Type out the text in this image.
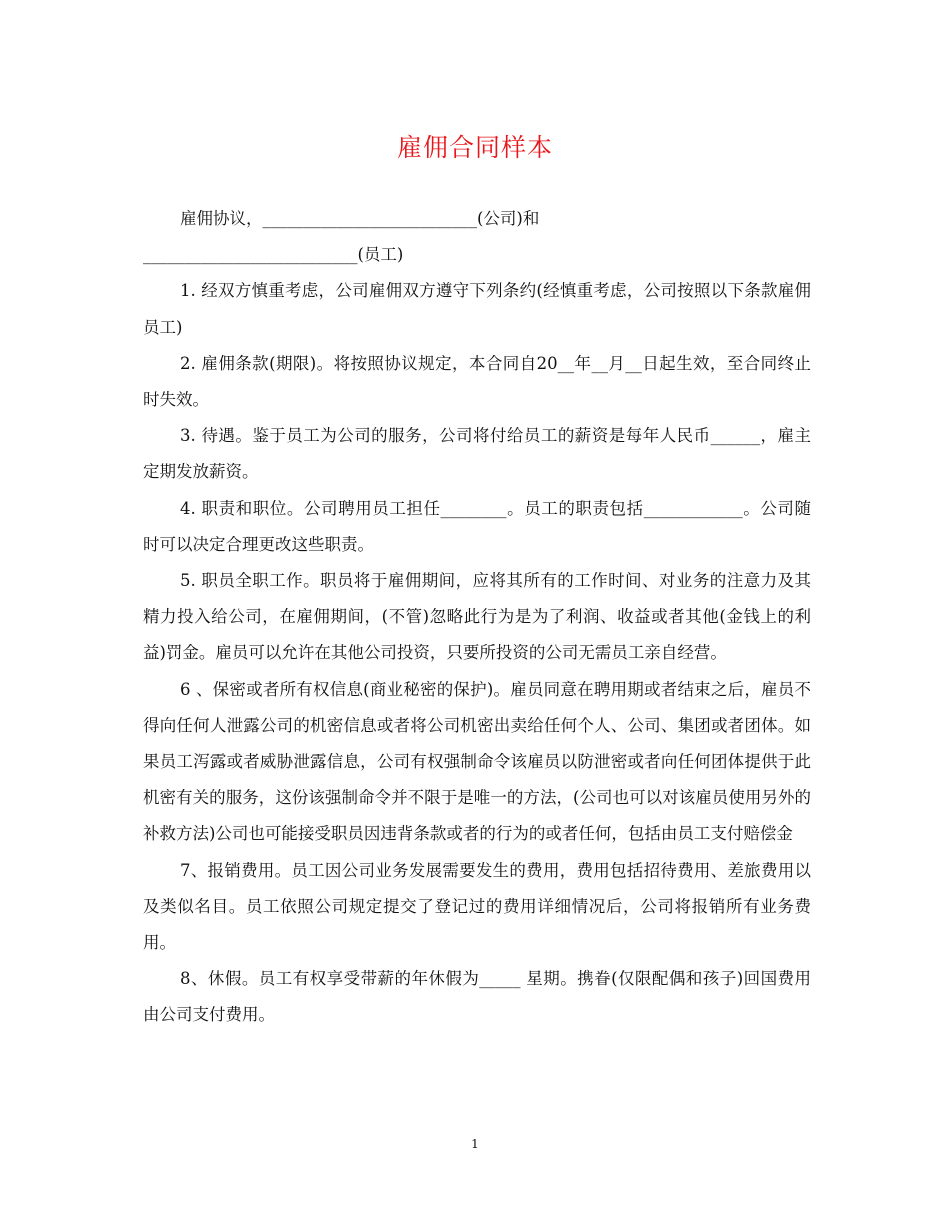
雇佣合同样本

雇佣协议，__________________________(公司)和

__________________________(员工)

1. 经双方慎重考虑，公司雇佣双方遵守下列条约(经慎重考虑，公司按照以下条款雇佣员工)

2. 雇佣条款(期限)。将按照协议规定，本合同自20__年__月__日起生效，至合同终止时失效。

3. 待遇。鉴于员工为公司的服务，公司将付给员工的薪资是每年人民币______，雇主定期发放薪资。

4. 职责和职位。公司聘用员工担任________。员工的职责包括____________。公司随时可以决定合理更改这些职责。

5. 职员全职工作。职员将于雇佣期间，应将其所有的工作时间、对业务的注意力及其精力投入给公司，在雇佣期间，(不管)忽略此行为是为了利润、收益或者其他(金钱上的利益)罚金。雇员可以允许在其他公司投资，只要所投资的公司无需员工亲自经营。

6 、保密或者所有权信息(商业秘密的保护)。雇员同意在聘用期或者结束之后，雇员不得向任何人泄露公司的机密信息或者将公司机密出卖给任何个人、公司、集团或者团体。如果员工泻露或者威胁泄露信息，公司有权强制命令该雇员以防泄密或者向任何团体提供于此机密有关的服务，这份该强制命令并不限于是唯一的方法，(公司也可以对该雇员使用另外的补救方法)公司也可能接受职员因违背条款或者的行为的或者任何，包括由员工支付赔偿金

7、报销费用。员工因公司业务发展需要发生的费用，费用包括招待费用、差旅费用以及类似名目。员工依照公司规定提交了登记过的费用详细情况后，公司将报销所有业务费用。

8、休假。员工有权享受带薪的年休假为_____ 星期。携眷(仅限配偶和孩子)回国费用 由公司支付费用。

1
